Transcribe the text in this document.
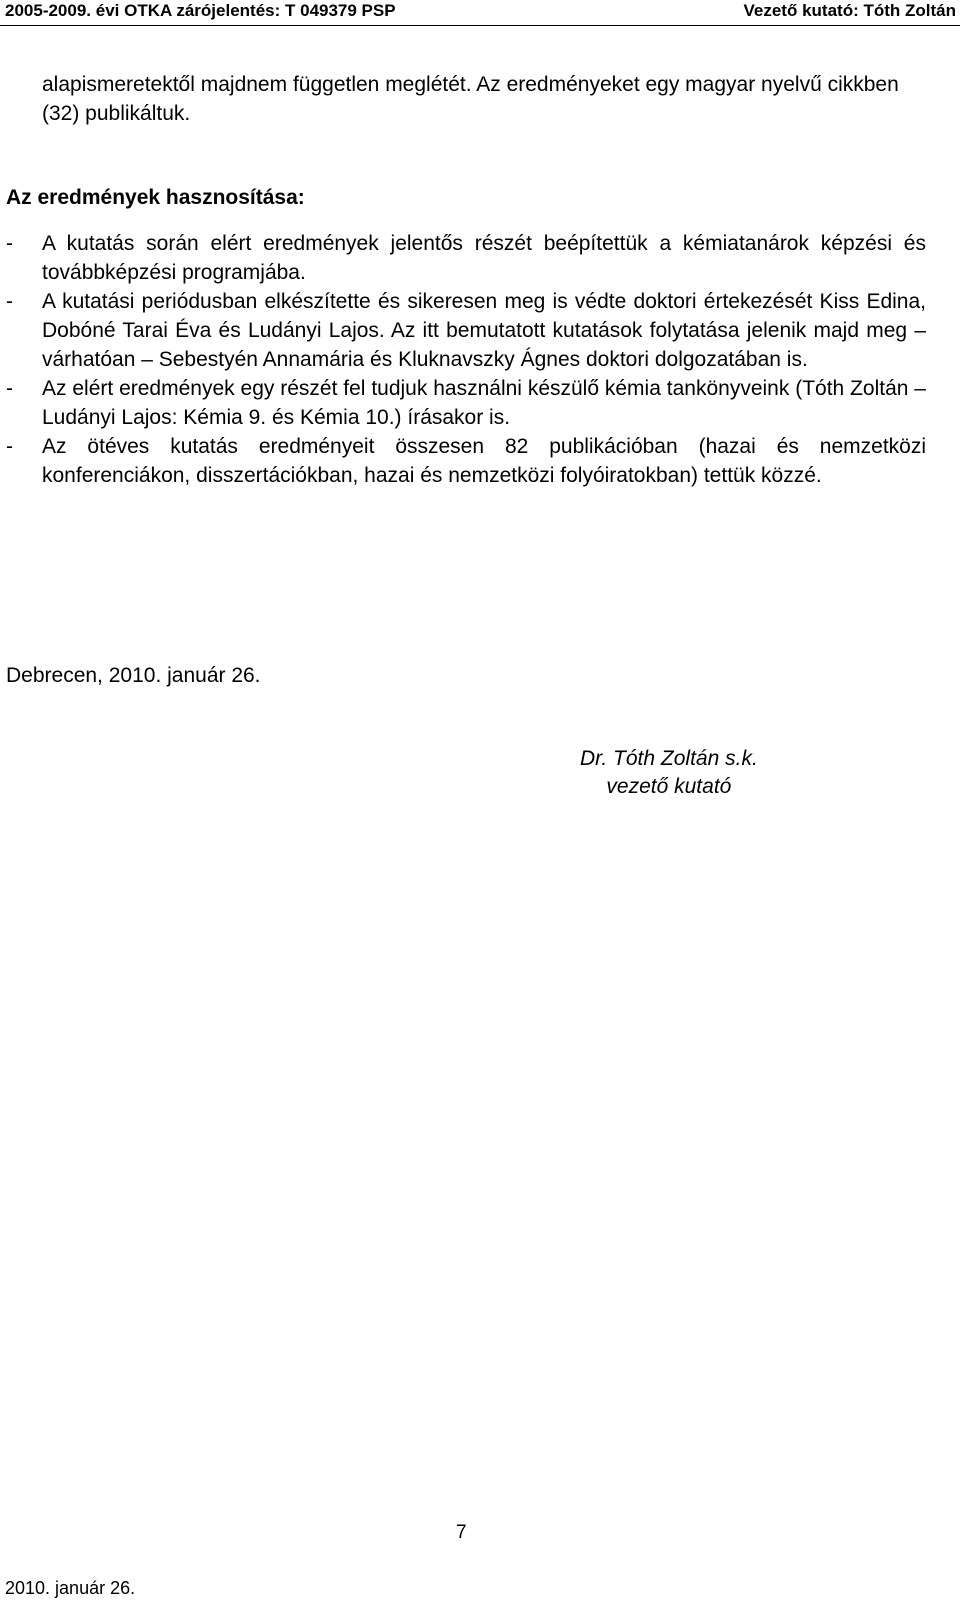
2005-2009. évi OTKA zárójelentés: T 049379 PSP	Vezető kutató: Tóth Zoltán

alapismeretektől majdnem független meglétét. Az eredményeket egy magyar nyelvű cikkben (32) publikáltuk.

Az eredmények hasznosítása:

- A kutatás során elért eredmények jelentős részét beépítettük a kémiatanárok képzési és továbbképzési programjába.
- A kutatási periódusban elkészítette és sikeresen meg is védte doktori értekezését Kiss Edina, Dobóné Tarai Éva és Ludányi Lajos. Az itt bemutatott kutatások folytatása jelenik majd meg – várhatóan – Sebestyén Annamária és Kluknavszky Ágnes doktori dolgozatában is.
- Az elért eredmények egy részét fel tudjuk használni készülő kémia tankönyveink (Tóth Zoltán – Ludányi Lajos: Kémia 9. és Kémia 10.) írásakor is.
- Az ötéves kutatás eredményeit összesen 82 publikációban (hazai és nemzetközi konferenciákon, disszertációkban, hazai és nemzetközi folyóiratokban) tettük közzé.
Debrecen, 2010. január 26.
Dr. Tóth Zoltán s.k.
vezető kutató
7
2010. január 26.
